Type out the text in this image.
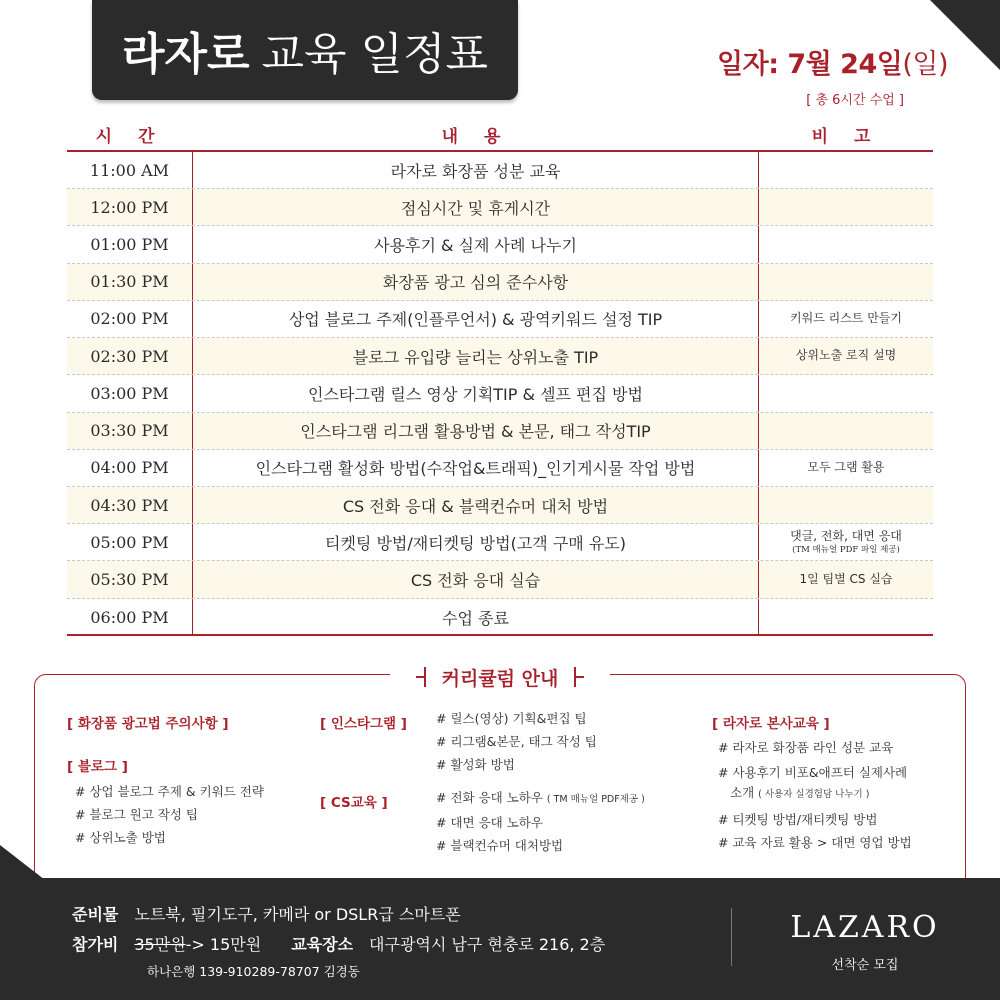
라자로 교육 일정표	일자: 7월 24일(일)
[ 총 6시간 수업 ]
시 간	내 용	비 고
11:00 AM	라자로 화장품 성분 교육
12:00 PM	점심시간 및 휴게시간
01:00 PM	사용후기 & 실제 사례 나누기
01:30 PM	화장품 광고 심의 준수사항
02:00 PM	상업 블로그 주제(인플루언서) & 광역키워드 설정 TIP	키워드 리스트 만들기
02:30 PM	블로그 유입량 늘리는 상위노출 TIP	상위노출 로직 설명
03:00 PM	인스타그램 릴스 영상 기획TIP & 셀프 편집 방법
03:30 PM	인스타그램 리그램 활용방법 & 본문, 태그 작성TIP
04:00 PM	인스타그램 활성화 방법(수작업&트래픽)_인기게시물 작업 방법	모두 그램 활용
04:30 PM	CS 전화 응대 & 블랙컨슈머 대처 방법
05:00 PM	티켓팅 방법/재티켓팅 방법(고객 구매 유도)	댓글, 전화, 대면 응대
(TM 매뉴얼 PDF 파일 제공)
05:30 PM	CS 전화 응대 실습	1일 팀별 CS 실습
06:00 PM	수업 종료
커리큘럼 안내
[ 화장품 광고법 주의사항 ]
[ 블로그 ]
# 상업 블로그 주제 & 키워드 전략
# 블로그 원고 작성 팁
# 상위노출 방법
[ 인스타그램 ] # 릴스(영상) 기획&편집 팁
# 리그램&본문, 태그 작성 팁
# 활성화 방법
[ CS교육 ]	# 전화 응대 노하우 ( TM 매뉴얼 PDF제공 )
# 대면 응대 노하우
# 블랙컨슈머 대처방법
[ 라자로 본사교육 ]
# 라자로 화장품 라인 성분 교육
# 사용후기 비포&애프터 실제사례
소개 ( 사용자 실경험담 나누기 )
# 티켓팅 방법/재티켓팅 방법
# 교육 자료 활용 > 대면 영업 방법
준비물 노트북, 필기도구, 카메라 or DSLR급 스마트폰
참가비 35만원-> 15만원 교육장소 대구광역시 남구 현충로 216, 2층
하나은행 139-910289-78707 김경동
LAZARO
선착순 모집
